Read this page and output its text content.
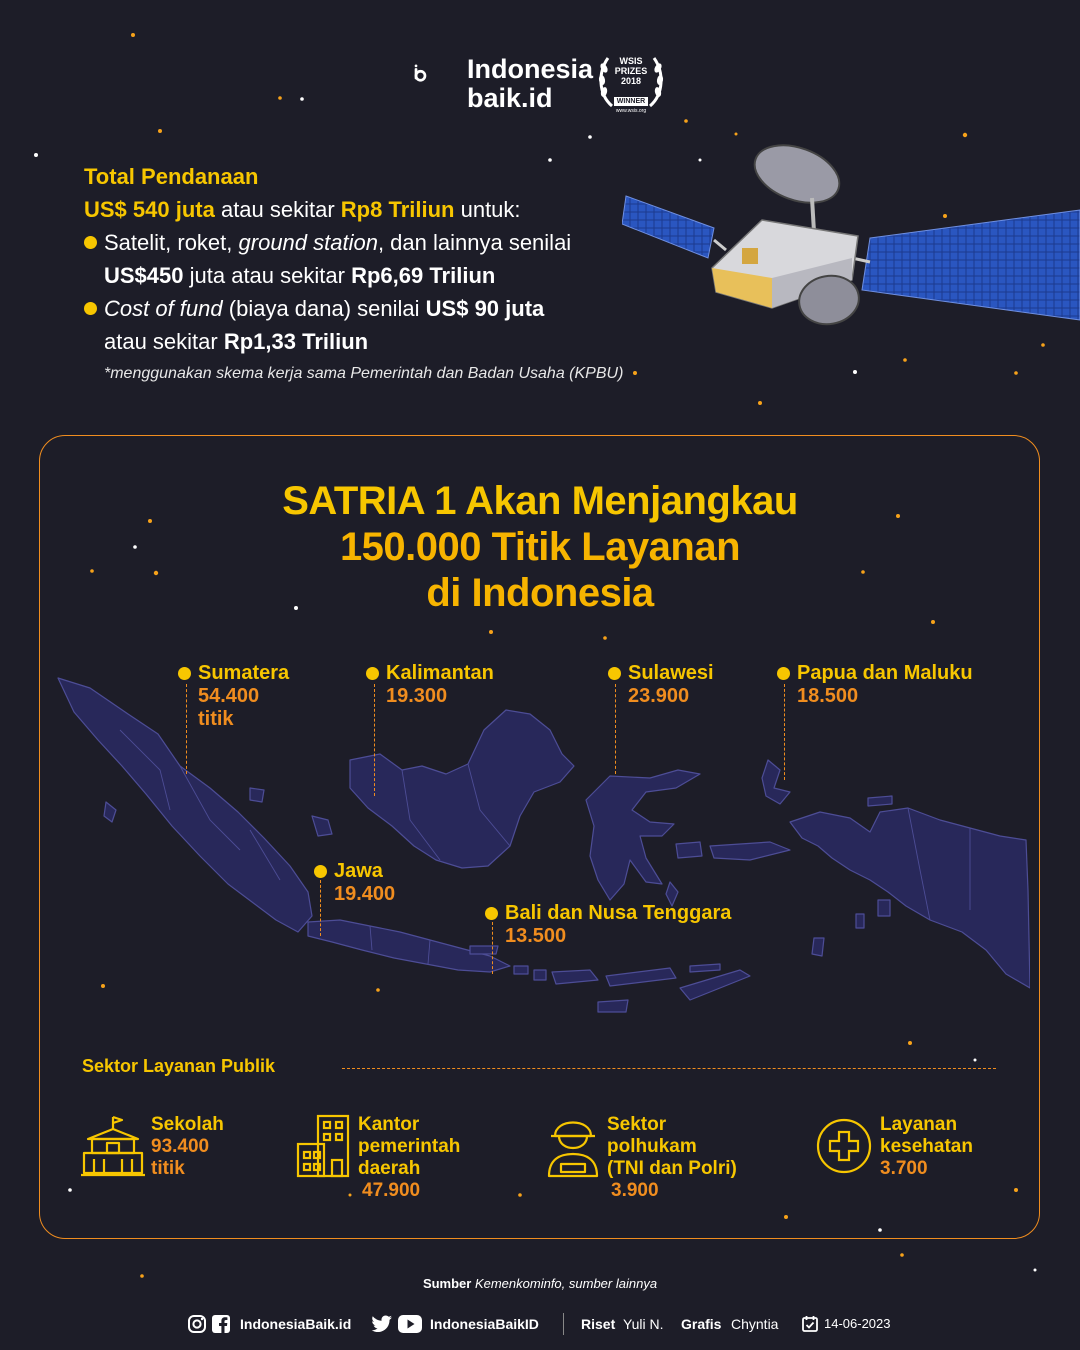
Indonesia
baik.id
WSIS
PRIZES
2018
WINNER
www.wsis.org
Total Pendanaan
US$ 540 juta atau sekitar Rp8 Triliun untuk:
Satelit, roket, ground station, dan lainnya senilai
US$450 juta atau sekitar Rp6,69 Triliun
Cost of fund (biaya dana) senilai US$ 90 juta
atau sekitar Rp1,33 Triliun
*menggunakan skema kerja sama Pemerintah dan Badan Usaha (KPBU)
SATRIA 1 Akan Menjangkau
150.000 Titik Layanan
di Indonesia
Sumatera
54.400
titik
Kalimantan
19.300
Sulawesi
23.900
Papua dan Maluku
18.500
Jawa
19.400
Bali dan Nusa Tenggara
13.500
Sektor Layanan Publik
Sekolah
93.400
titik
Kantor
pemerintah
daerah
47.900
Sektor
polhukam
(TNI dan Polri)
3.900
Layanan
kesehatan
3.700
Sumber Kemenkominfo, sumber lainnya
IndonesiaBaik.id	IndonesiaBaikID	Riset Yuli N. Grafis Chyntia	14-06-2023
